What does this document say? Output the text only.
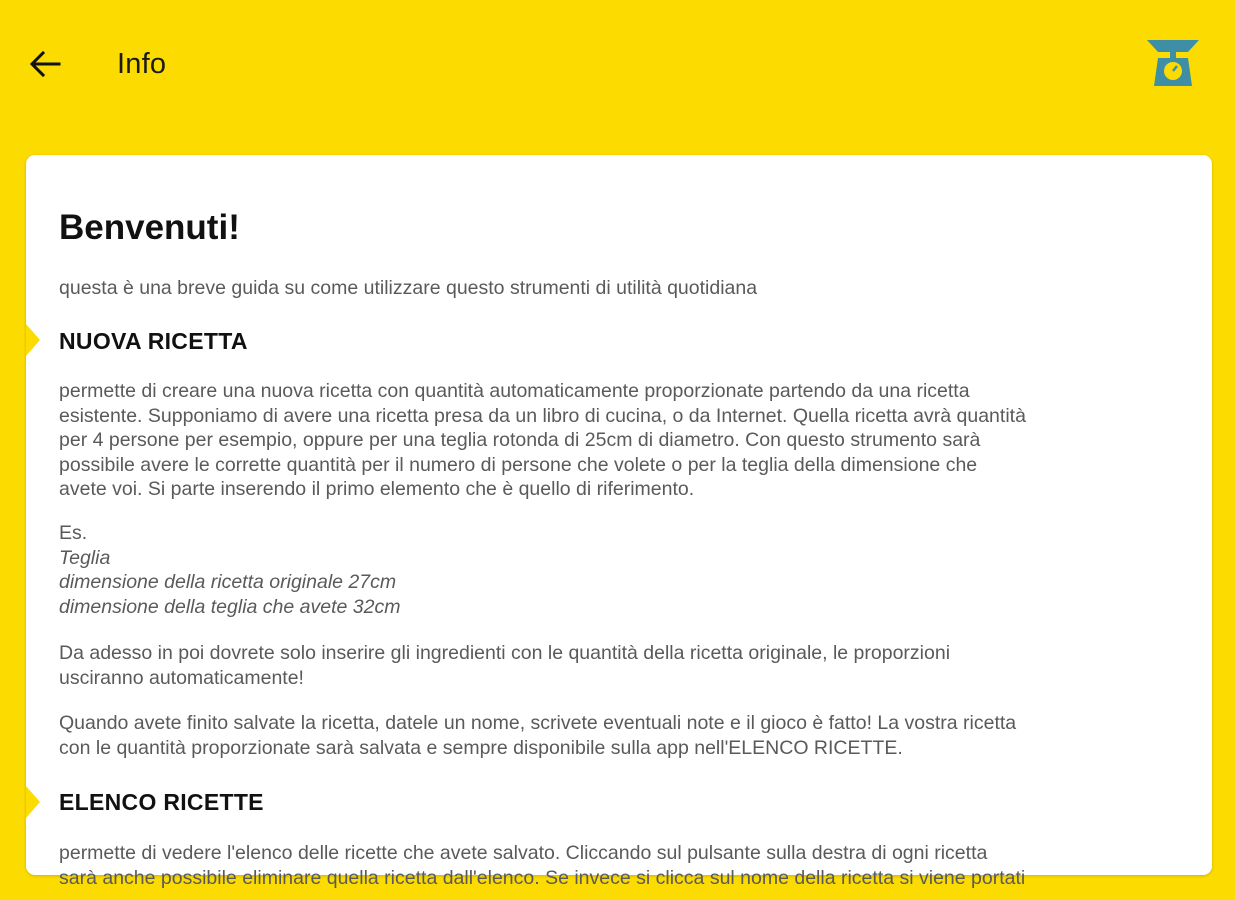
Info
Benvenuti!
questa è una breve guida su come utilizzare questo strumenti di utilità quotidiana
NUOVA RICETTA
permette di creare una nuova ricetta con quantità automaticamente proporzionate partendo da una ricetta
esistente. Supponiamo di avere una ricetta presa da un libro di cucina, o da Internet. Quella ricetta avrà quantità
per 4 persone per esempio, oppure per una teglia rotonda di 25cm di diametro. Con questo strumento sarà
possibile avere le corrette quantità per il numero di persone che volete o per la teglia della dimensione che
avete voi. Si parte inserendo il primo elemento che è quello di riferimento.
Es.
Teglia
dimensione della ricetta originale 27cm
dimensione della teglia che avete 32cm
Da adesso in poi dovrete solo inserire gli ingredienti con le quantità della ricetta originale, le proporzioni
usciranno automaticamente!
Quando avete finito salvate la ricetta, datele un nome, scrivete eventuali note e il gioco è fatto! La vostra ricetta
con le quantità proporzionate sarà salvata e sempre disponibile sulla app nell'ELENCO RICETTE.
ELENCO RICETTE
permette di vedere l'elenco delle ricette che avete salvato. Cliccando sul pulsante sulla destra di ogni ricetta
sarà anche possibile eliminare quella ricetta dall'elenco. Se invece si clicca sul nome della ricetta si viene portati
